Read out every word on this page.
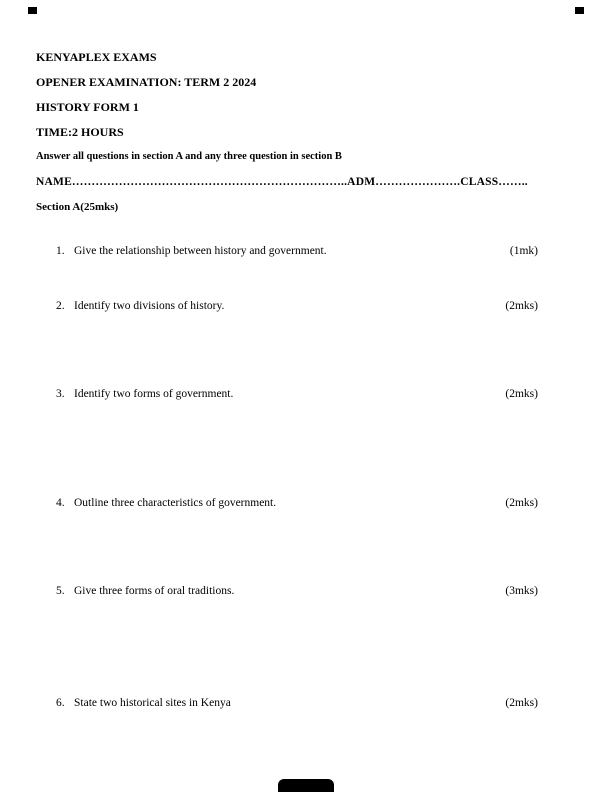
KENYAPLEX EXAMS

OPENER EXAMINATION: TERM 2 2024

HISTORY FORM 1

TIME:2 HOURS

Answer all questions in section A and any three question in section B

NAME……………………………………………………………..ADM………………….CLASS……..

Section A(25mks)

1. Give the relationship between history and government.	(1mk)
2. Identify two divisions of history.	(2mks)
3. Identify two forms of government.	(2mks)
4. Outline three characteristics of government.	(2mks)
5. Give three forms of oral traditions.	(3mks)
6. State two historical sites in Kenya	(2mks)
